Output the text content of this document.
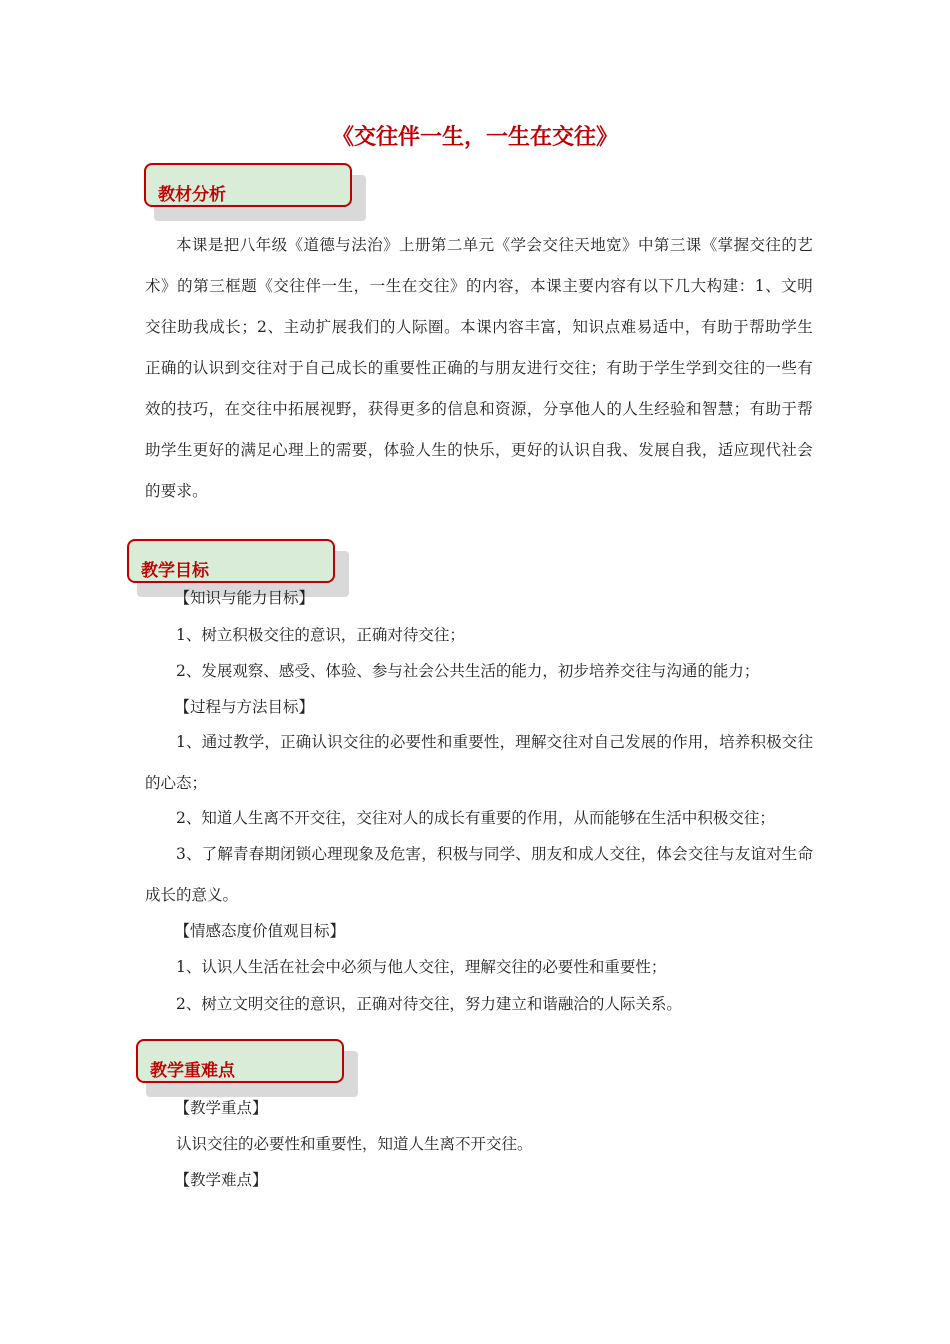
《交往伴一生，一生在交往》
教材分析

本课是把八年级《道德与法治》上册第二单元《学会交往天地宽》中第三课《掌握交往的艺术》的第三框题《交往伴一生，一生在交往》的内容，本课主要内容有以下几大构建：1、文明交往助我成长；2、主动扩展我们的人际圈。本课内容丰富，知识点难易适中，有助于帮助学生正确的认识到交往对于自己成长的重要性正确的与朋友进行交往；有助于学生学到交往的一些有效的技巧，在交往中拓展视野，获得更多的信息和资源，分享他人的人生经验和智慧；有助于帮助学生更好的满足心理上的需要，体验人生的快乐，更好的认识自我、发展自我，适应现代社会的要求。

教学目标

【知识与能力目标】

1、树立积极交往的意识，正确对待交往；

2、发展观察、感受、体验、参与社会公共生活的能力，初步培养交往与沟通的能力；

【过程与方法目标】

1、通过教学，正确认识交往的必要性和重要性，理解交往对自己发展的作用，培养积极交往的心态；

2、知道人生离不开交往，交往对人的成长有重要的作用，从而能够在生活中积极交往；

3、了解青春期闭锁心理现象及危害，积极与同学、朋友和成人交往，体会交往与友谊对生命成长的意义。

【情感态度价值观目标】

1、认识人生活在社会中必须与他人交往，理解交往的必要性和重要性；

2、树立文明交往的意识，正确对待交往，努力建立和谐融洽的人际关系。

教学重难点

【教学重点】

认识交往的必要性和重要性，知道人生离不开交往。

【教学难点】
